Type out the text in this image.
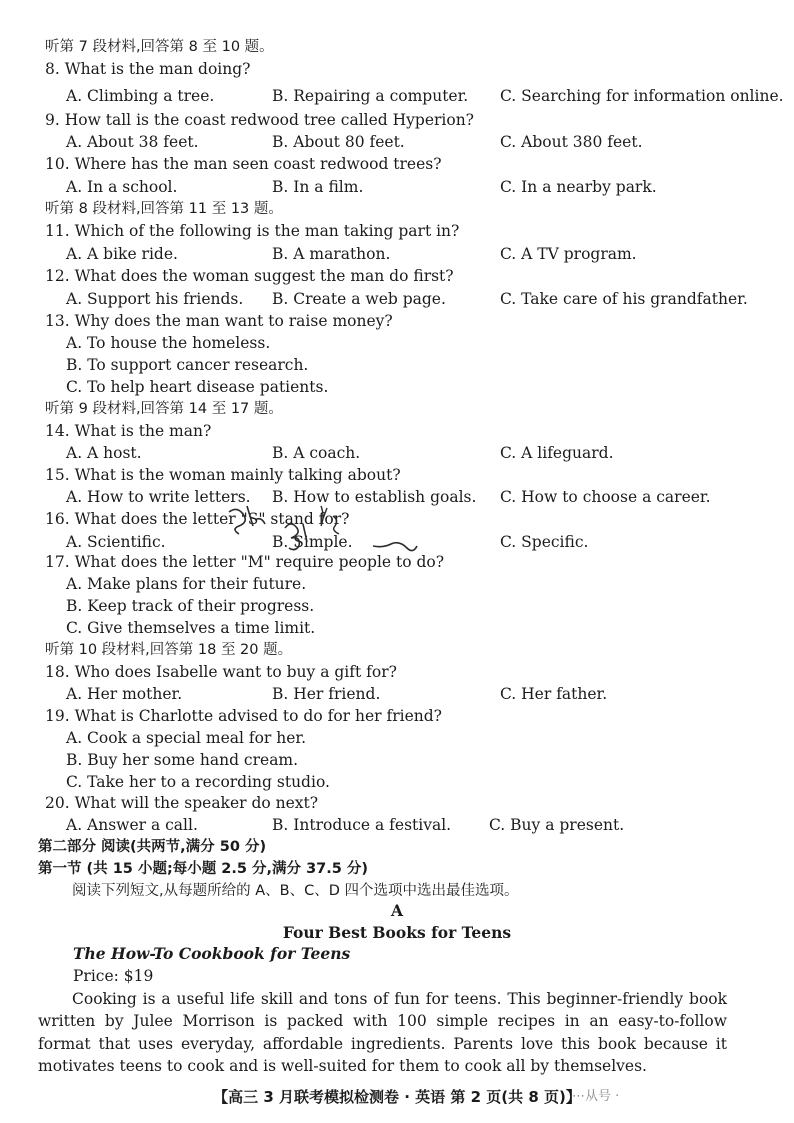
听第 7 段材料,回答第 8 至 10 题。
8. What is the man doing?
A. Climbing a tree.	B. Repairing a computer. C. Searching for information online.
9. How tall is the coast redwood tree called Hyperion?
A. About 38 feet.	B. About 80 feet.	C. About 380 feet.
10. Where has the man seen coast redwood trees?
A. In a school.	B. In a film.	C. In a nearby park.
听第 8 段材料,回答第 11 至 13 题。
11. Which of the following is the man taking part in?
A. A bike ride.	B. A marathon.	C. A TV program.
12. What does the woman suggest the man do first?
A. Support his friends. B. Create a web page.	C. Take care of his grandfather.
13. Why does the man want to raise money?
A. To house the homeless.
B. To support cancer research.
C. To help heart disease patients.
听第 9 段材料,回答第 14 至 17 题。
14. What is the man?
A. A host.	B. A coach.	C. A lifeguard.
15. What is the woman mainly talking about?
A. How to write letters. B. How to establish goals. C. How to choose a career.
16. What does the letter "S" stand for?
A. Scientific.	B. Simple.	C. Specific.
17. What does the letter "M" require people to do?
A. Make plans for their future.
B. Keep track of their progress.
C. Give themselves a time limit.
听第 10 段材料,回答第 18 至 20 题。
18. Who does Isabelle want to buy a gift for?
A. Her mother.	B. Her friend.	C. Her father.
19. What is Charlotte advised to do for her friend?
A. Cook a special meal for her.
B. Buy her some hand cream.
C. Take her to a recording studio.
20. What will the speaker do next?
A. Answer a call.	B. Introduce a festival. C. Buy a present.
第二部分 阅读(共两节,满分 50 分)
第一节 (共 15 小题;每小题 2.5 分,满分 37.5 分)
阅读下列短文,从每题所给的 A、B、C、D 四个选项中选出最佳选项。
A
Four Best Books for Teens
The How-To Cookbook for Teens
Price: $19
Cooking is a useful life skill and tons of fun for teens. This beginner-friendly book written by Julee Morrison is packed with 100 simple recipes in an easy-to-follow format that uses everyday, affordable ingredients. Parents love this book because it motivates teens to cook and is well-suited for them to cook all by themselves.
【高三 3 月联考模拟检测卷 · 英语 第 2 页(共 8 页)】
⋯从号 ·
